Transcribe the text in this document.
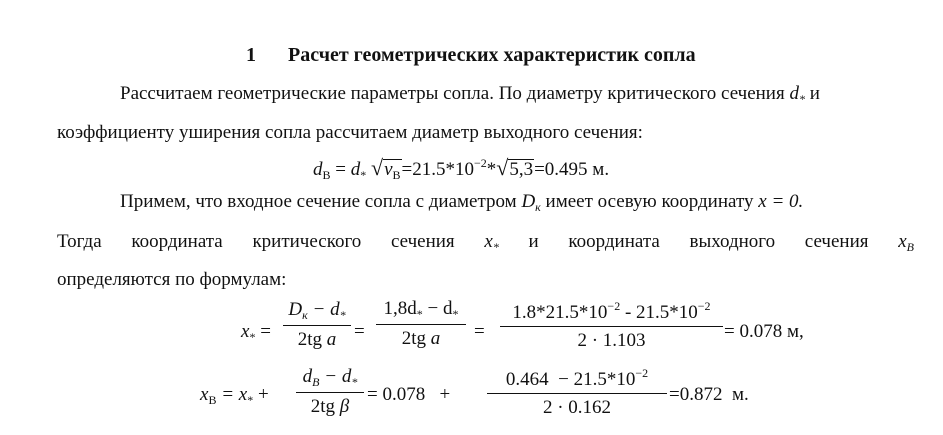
1 Расчет геометрических характеристик сопла
Рассчитаем геометрические параметры сопла. По диаметру критического сечения $d_*$ и
коэффициенту уширения сопла рассчитаем диаметр выходного сечения:
$d_В = d_*$ $√\nu_В=21.5*10^{-2}*√5,3=0.495$ м.
Примем, что входное сечение сопла с диаметром $D_к$ имеет осевую координату x = 0.
Тогда координата критического сечения $x_*$ и координата выходного сечения $x_B$
определяются по формулам:
$x_*$ =
$D_к - d_*$
2tg a =
$1,8d_* - d_*$
2tg a	=
$1.8*21.5*10^{-2} - 21.5*10^{-2}$
2 · 1.103	= 0.078 м,
$x_B = x_*$ +
$d_B - d_*$
2tg β
= 0.078   +
$0.464 - 21.5*10^{-2}$
2 · 0.162
=0.872  м.
